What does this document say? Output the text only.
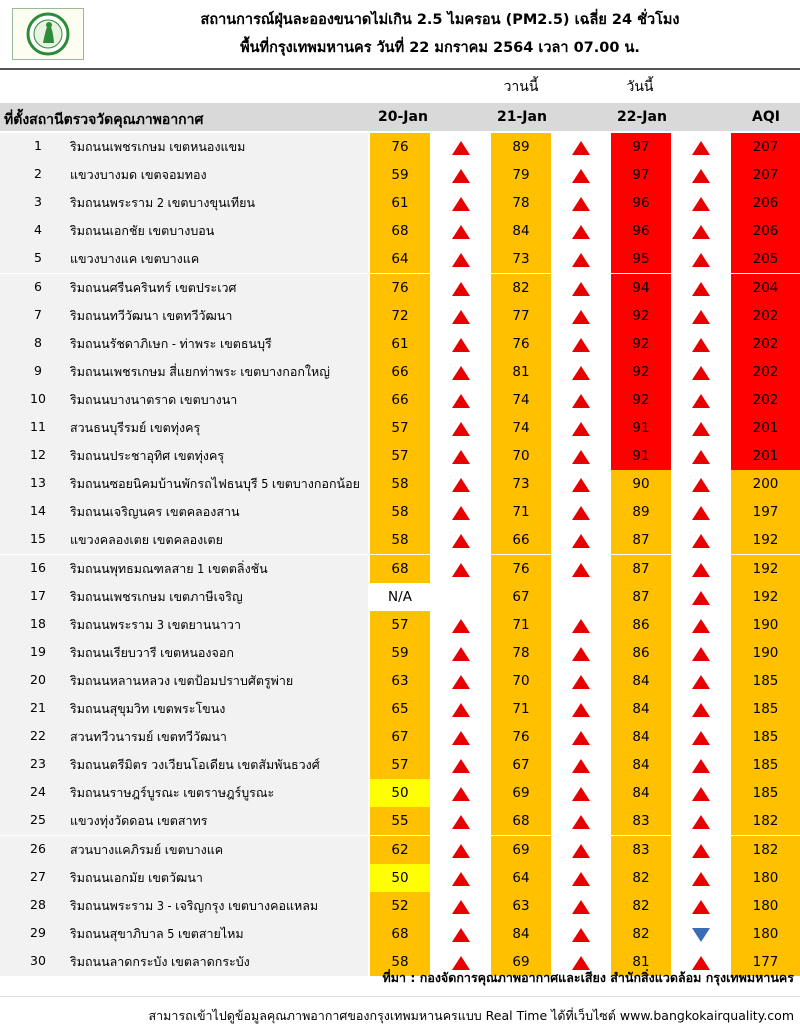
สถานการณ์ฝุ่นละอองขนาดไม่เกิน 2.5 ไมครอน (PM2.5) เฉลี่ย 24 ชั่วโมง
พื้นที่กรุงเทพมหานคร วันที่ 22 มกราคม 2564 เวลา 07.00 น.
วานนี้	วันนี้
ที่ตั้งสถานีตรวจวัดคุณภาพอากาศ	20-Jan	21-Jan	22-Jan	AQI
1	ริมถนนเพชรเกษม เขตหนองแขม	76	89	97	207
2	แขวงบางมด เขตจอมทอง	59	79	97	207
3	ริมถนนพระราม 2 เขตบางขุนเทียน	61	78	96	206
4	ริมถนนเอกชัย เขตบางบอน	68	84	96	206
5	แขวงบางแค เขตบางแค	64	73	95	205
6	ริมถนนศรีนครินทร์ เขตประเวศ	76	82	94	204
7	ริมถนนทวีวัฒนา เขตทวีวัฒนา	72	77	92	202
8	ริมถนนรัชดาภิเษก - ท่าพระ เขตธนบุรี	61	76	92	202
9	ริมถนนเพชรเกษม สี่แยกท่าพระ เขตบางกอกใหญ่	66	81	92	202
10	ริมถนนบางนาตราด เขตบางนา	66	74	92	202
11	สวนธนบุรีรมย์ เขตทุ่งครุ	57	74	91	201
12	ริมถนนประชาอุทิศ เขตทุ่งครุ	57	70	91	201
13	ริมถนนซอยนิคมบ้านพักรถไฟธนบุรี 5 เขตบางกอกน้อย	58	73	90	200
14	ริมถนนเจริญนคร เขตคลองสาน	58	71	89	197
15	แขวงคลองเตย เขตคลองเตย	58	66	87	192
16	ริมถนนพุทธมณฑลสาย 1 เขตตลิ่งชัน	68	76	87	192
17	ริมถนนเพชรเกษม เขตภาษีเจริญ	N/A	67	87	192
18	ริมถนนพระราม 3 เขตยานนาวา	57	71	86	190
19	ริมถนนเรียบวารี เขตหนองจอก	59	78	86	190
20	ริมถนนหลานหลวง เขตป้อมปราบศัตรูพ่าย	63	70	84	185
21	ริมถนนสุขุมวิท เขตพระโขนง	65	71	84	185
22	สวนทวีวนารมย์ เขตทวีวัฒนา	67	76	84	185
23	ริมถนนตรีมิตร วงเวียนโอเดียน เขตสัมพันธวงศ์	57	67	84	185
24	ริมถนนราษฎร์บูรณะ เขตราษฎร์บูรณะ	50	69	84	185
25	แขวงทุ่งวัดดอน เขตสาทร	55	68	83	182
26	สวนบางแคภิรมย์ เขตบางแค	62	69	83	182
27	ริมถนนเอกมัย เขตวัฒนา	50	64	82	180
28	ริมถนนพระราม 3 - เจริญกรุง เขตบางคอแหลม	52	63	82	180
29	ริมถนนสุขาภิบาล 5 เขตสายไหม	68	84	82	180
30	ริมถนนลาดกระบัง เขตลาดกระบัง	58	69	81	177
ที่มา : กองจัดการคุณภาพอากาศและเสียง สำนักสิ่งแวดล้อม กรุงเทพมหานคร
สามารถเข้าไปดูข้อมูลคุณภาพอากาศของกรุงเทพมหานครแบบ Real Time ได้ที่เว็บไซต์ www.bangkokairquality.com
